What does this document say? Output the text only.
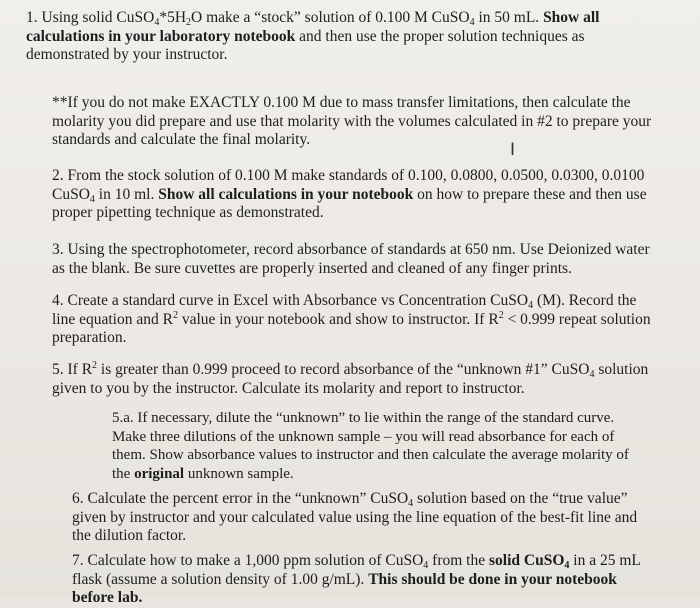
1. Using solid $CuSO_4*5H_2O$ make a “stock” solution of 0.100 M CuSO$_4$ in 50 mL. Show all calculations in your laboratory notebook and then use the proper solution techniques as demonstrated by your instructor.

**If you do not make EXACTLY 0.100 M due to mass transfer limitations, then calculate the molarity you did prepare and use that molarity with the volumes calculated in #2 to prepare your standards and calculate the final molarity.

I

2. From the stock solution of 0.100 M make standards of 0.100, 0.0800, 0.0500, 0.0300, 0.0100 CuSO$_4$ in 10 ml. Show all calculations in your notebook on how to prepare these and then use proper pipetting technique as demonstrated.

3. Using the spectrophotometer, record absorbance of standards at 650 nm. Use Deionized water as the blank. Be sure cuvettes are properly inserted and cleaned of any finger prints.

4. Create a standard curve in Excel with Absorbance vs Concentration CuSO$_4$ (M). Record the line equation and $R^2$ value in your notebook and show to instructor. If $R^2 < 0.999$ repeat solution preparation.

5. If $R^2$ is greater than 0.999 proceed to record absorbance of the “unknown #1” CuSO$_4$ solution given to you by the instructor. Calculate its molarity and report to instructor.

5.a. If necessary, dilute the “unknown” to lie within the range of the standard curve. Make three dilutions of the unknown sample – you will read absorbance for each of them. Show absorbance values to instructor and then calculate the average molarity of the original unknown sample.

6. Calculate the percent error in the “unknown” CuSO$_4$ solution based on the “true value” given by instructor and your calculated value using the line equation of the best-fit line and the dilution factor.

7. Calculate how to make a 1,000 ppm solution of CuSO$_4$ from the solid CuSO$_4$ in a 25 mL flask (assume a solution density of 1.00 g/mL). This should be done in your notebook before lab.
